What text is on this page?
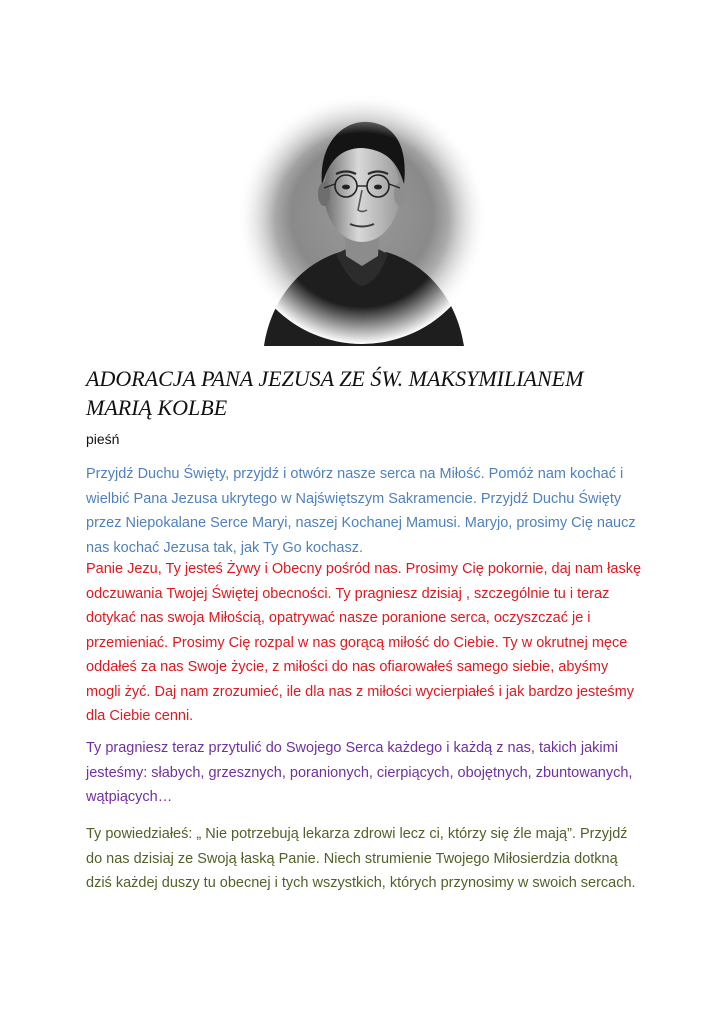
ADORACJA PANA JEZUSA ZE ŚW. MAKSYMILIANEM
MARIĄ KOLBE

pieśń

Przyjdź Duchu Święty, przyjdź i otwórz nasze serca na Miłość. Pomóż nam kochać i wielbić Pana Jezusa ukrytego w Najświętszym Sakramencie. Przyjdź Duchu Święty przez Niepokalane Serce Maryi, naszej Kochanej Mamusi. Maryjo, prosimy Cię naucz nas kochać Jezusa tak, jak Ty Go kochasz.

Panie Jezu, Ty jesteś Żywy i Obecny pośród nas. Prosimy Cię pokornie, daj nam łaskę odczuwania Twojej Świętej obecności. Ty pragniesz dzisiaj , szczególnie tu i teraz dotykać nas swoja Miłością, opatrywać nasze poranione serca, oczyszczać je i przemieniać. Prosimy Cię rozpal w nas gorącą miłość do Ciebie. Ty w okrutnej męce oddałeś za nas Swoje życie, z miłości do nas ofiarowałeś samego siebie, abyśmy mogli żyć. Daj nam zrozumieć, ile dla nas z miłości wycierpiałeś i jak bardzo jesteśmy dla Ciebie cenni.

Ty pragniesz teraz przytulić do Swojego Serca każdego i każdą z nas, takich jakimi jesteśmy: słabych, grzesznych, poranionych, cierpiących, obojętnych, zbuntowanych, wątpiących…

Ty powiedziałeś: „ Nie potrzebują lekarza zdrowi lecz ci, którzy się źle mają”. Przyjdź do nas dzisiaj ze Swoją łaską Panie. Niech strumienie Twojego Miłosierdzia dotkną dziś każdej duszy tu obecnej i tych wszystkich, których przynosimy w swoich sercach.
